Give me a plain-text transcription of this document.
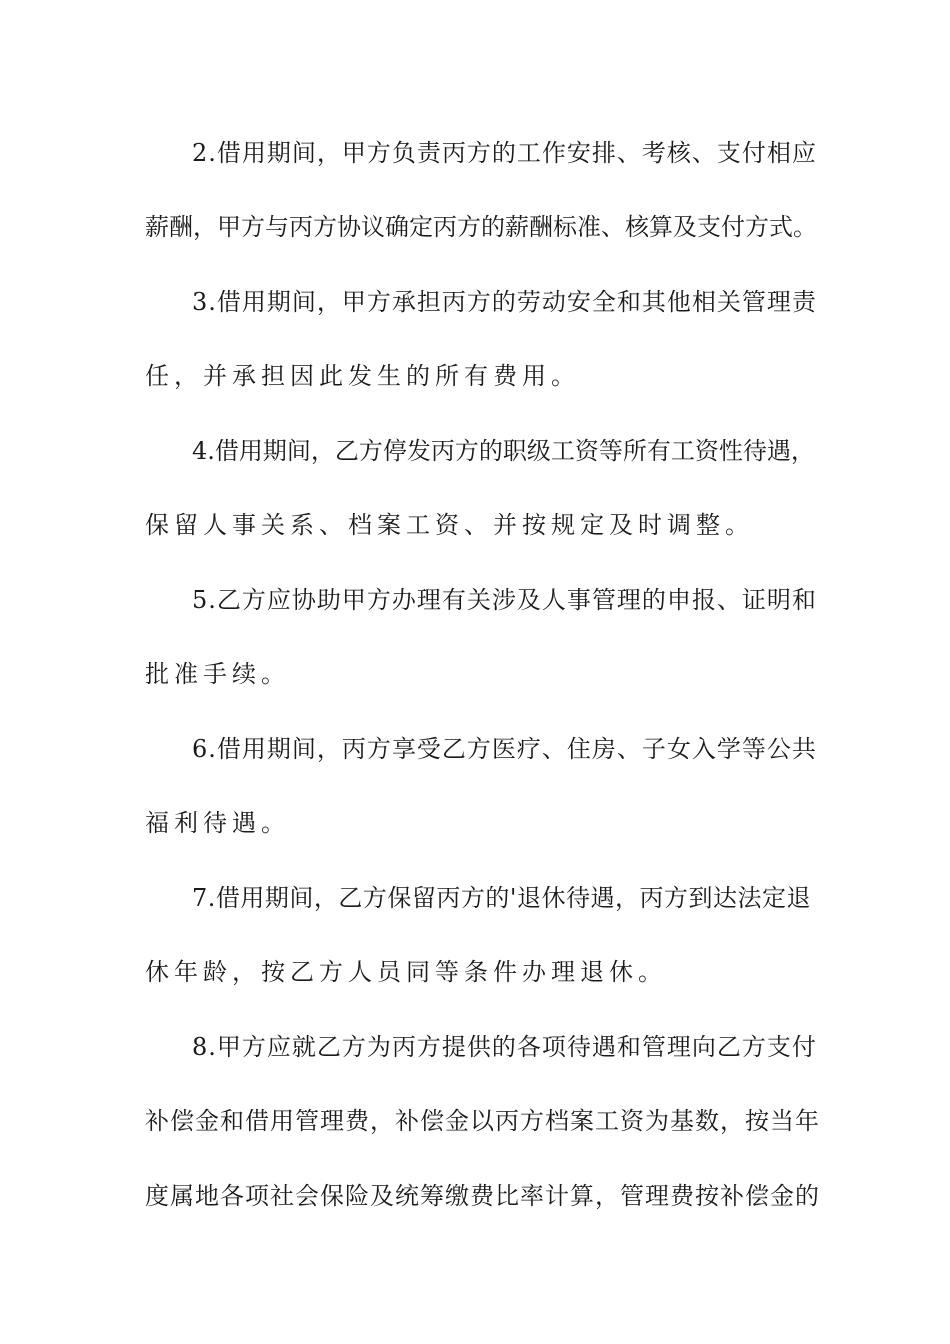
2.借用期间，甲方负责丙方的工作安排、考核、支付相应
薪酬，甲方与丙方协议确定丙方的薪酬标准、核算及支付方式。
3.借用期间，甲方承担丙方的劳动安全和其他相关管理责
任，并承担因此发生的所有费用。
4.借用期间，乙方停发丙方的职级工资等所有工资性待遇，
保留人事关系、档案工资、并按规定及时调整。
5.乙方应协助甲方办理有关涉及人事管理的申报、证明和
批准手续。
6.借用期间，丙方享受乙方医疗、住房、子女入学等公共
福利待遇。
7.借用期间，乙方保留丙方的'退休待遇，丙方到达法定退
休年龄，按乙方人员同等条件办理退休。
8.甲方应就乙方为丙方提供的各项待遇和管理向乙方支付
补偿金和借用管理费，补偿金以丙方档案工资为基数，按当年
度属地各项社会保险及统筹缴费比率计算，管理费按补偿金的
